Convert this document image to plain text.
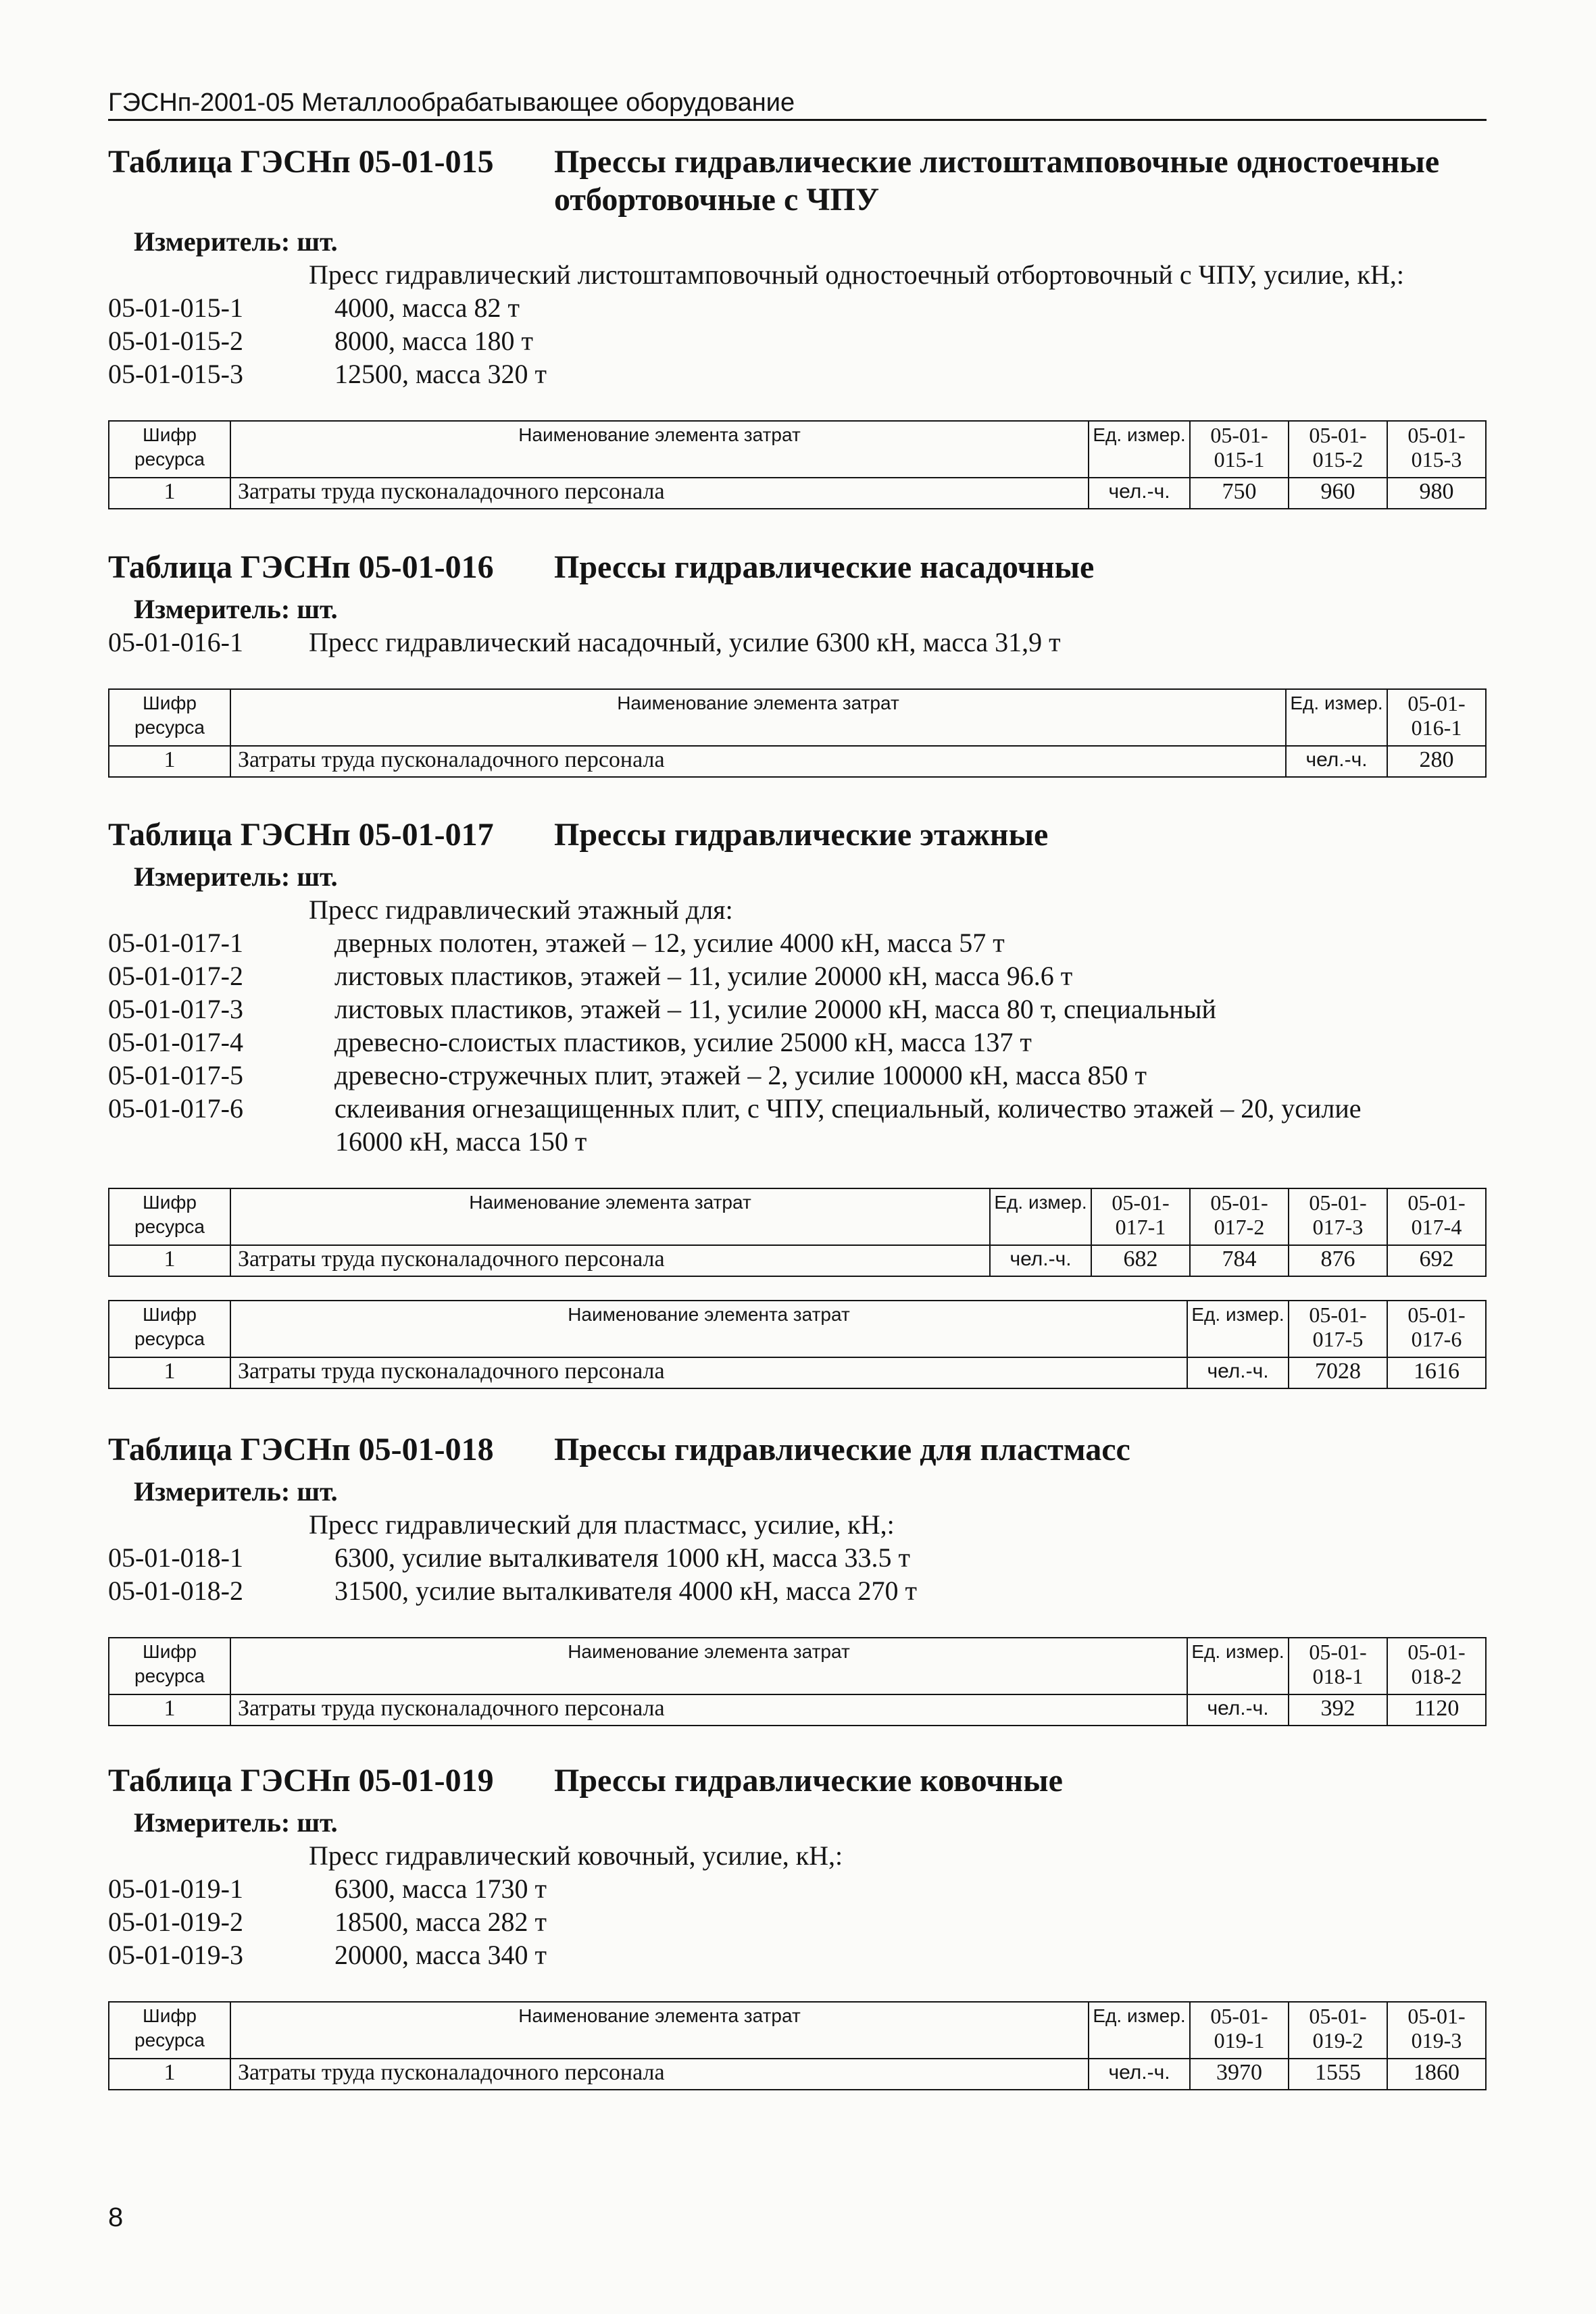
ГЭСНп-2001-05 Металлообрабатывающее оборудование
Таблица ГЭСНп 05-01-015	Прессы гидравлические листоштамповочные одностоечные отбортовочные с ЧПУ
Измеритель: шт.
Пресс гидравлический листоштамповочный одностоечный отбортовочный с ЧПУ, усилие, кН,:
05-01-015-1	4000, масса 82 т
05-01-015-2	8000, масса 180 т
05-01-015-3	12500, масса 320 т
Шифр ресурса	Наименование элемента затрат	Ед. измер.	05-01-015-1	05-01-015-2	05-01-015-3
1	Затраты труда пусконаладочного персонала	чел.-ч.	750	960	980
Таблица ГЭСНп 05-01-016	Прессы гидравлические насадочные
Измеритель: шт.
05-01-016-1	Пресс гидравлический насадочный, усилие 6300 кН, масса 31,9 т
Шифр ресурса	Наименование элемента затрат	Ед. измер.	05-01-016-1
1	Затраты труда пусконаладочного персонала	чел.-ч.	280
Таблица ГЭСНп 05-01-017	Прессы гидравлические этажные
Измеритель: шт.
Пресс гидравлический этажный для:
05-01-017-1	дверных полотен, этажей – 12, усилие 4000 кН, масса 57 т
05-01-017-2	листовых пластиков, этажей – 11, усилие 20000 кН, масса 96.6 т
05-01-017-3	листовых пластиков, этажей – 11, усилие 20000 кН, масса 80 т, специальный
05-01-017-4	древесно-слоистых пластиков, усилие 25000 кН, масса 137 т
05-01-017-5	древесно-стружечных плит, этажей – 2, усилие 100000 кН, масса 850 т
05-01-017-6	склеивания огнезащищенных плит, с ЧПУ, специальный, количество этажей – 20, усилие
16000 кН, масса 150 т
Шифр ресурса	Наименование элемента затрат	Ед. измер.	05-01-017-1	05-01-017-2	05-01-017-3	05-01-017-4
1	Затраты труда пусконаладочного персонала	чел.-ч.	682	784	876	692
Шифр ресурса	Наименование элемента затрат	Ед. измер.	05-01-017-5	05-01-017-6
1	Затраты труда пусконаладочного персонала	чел.-ч.	7028	1616
Таблица ГЭСНп 05-01-018	Прессы гидравлические для пластмасс
Измеритель: шт.
Пресс гидравлический для пластмасс, усилие, кН,:
05-01-018-1	6300, усилие выталкивателя 1000 кН, масса 33.5 т
05-01-018-2	31500, усилие выталкивателя 4000 кН, масса 270 т
Шифр ресурса	Наименование элемента затрат	Ед. измер.	05-01-018-1	05-01-018-2
1	Затраты труда пусконаладочного персонала	чел.-ч.	392	1120
Таблица ГЭСНп 05-01-019	Прессы гидравлические ковочные
Измеритель: шт.
Пресс гидравлический ковочный, усилие, кН,:
05-01-019-1	6300, масса 1730 т
05-01-019-2	18500, масса 282 т
05-01-019-3	20000, масса 340 т
Шифр ресурса	Наименование элемента затрат	Ед. измер.	05-01-019-1	05-01-019-2	05-01-019-3
1	Затраты труда пусконаладочного персонала	чел.-ч.	3970	1555	1860
8
